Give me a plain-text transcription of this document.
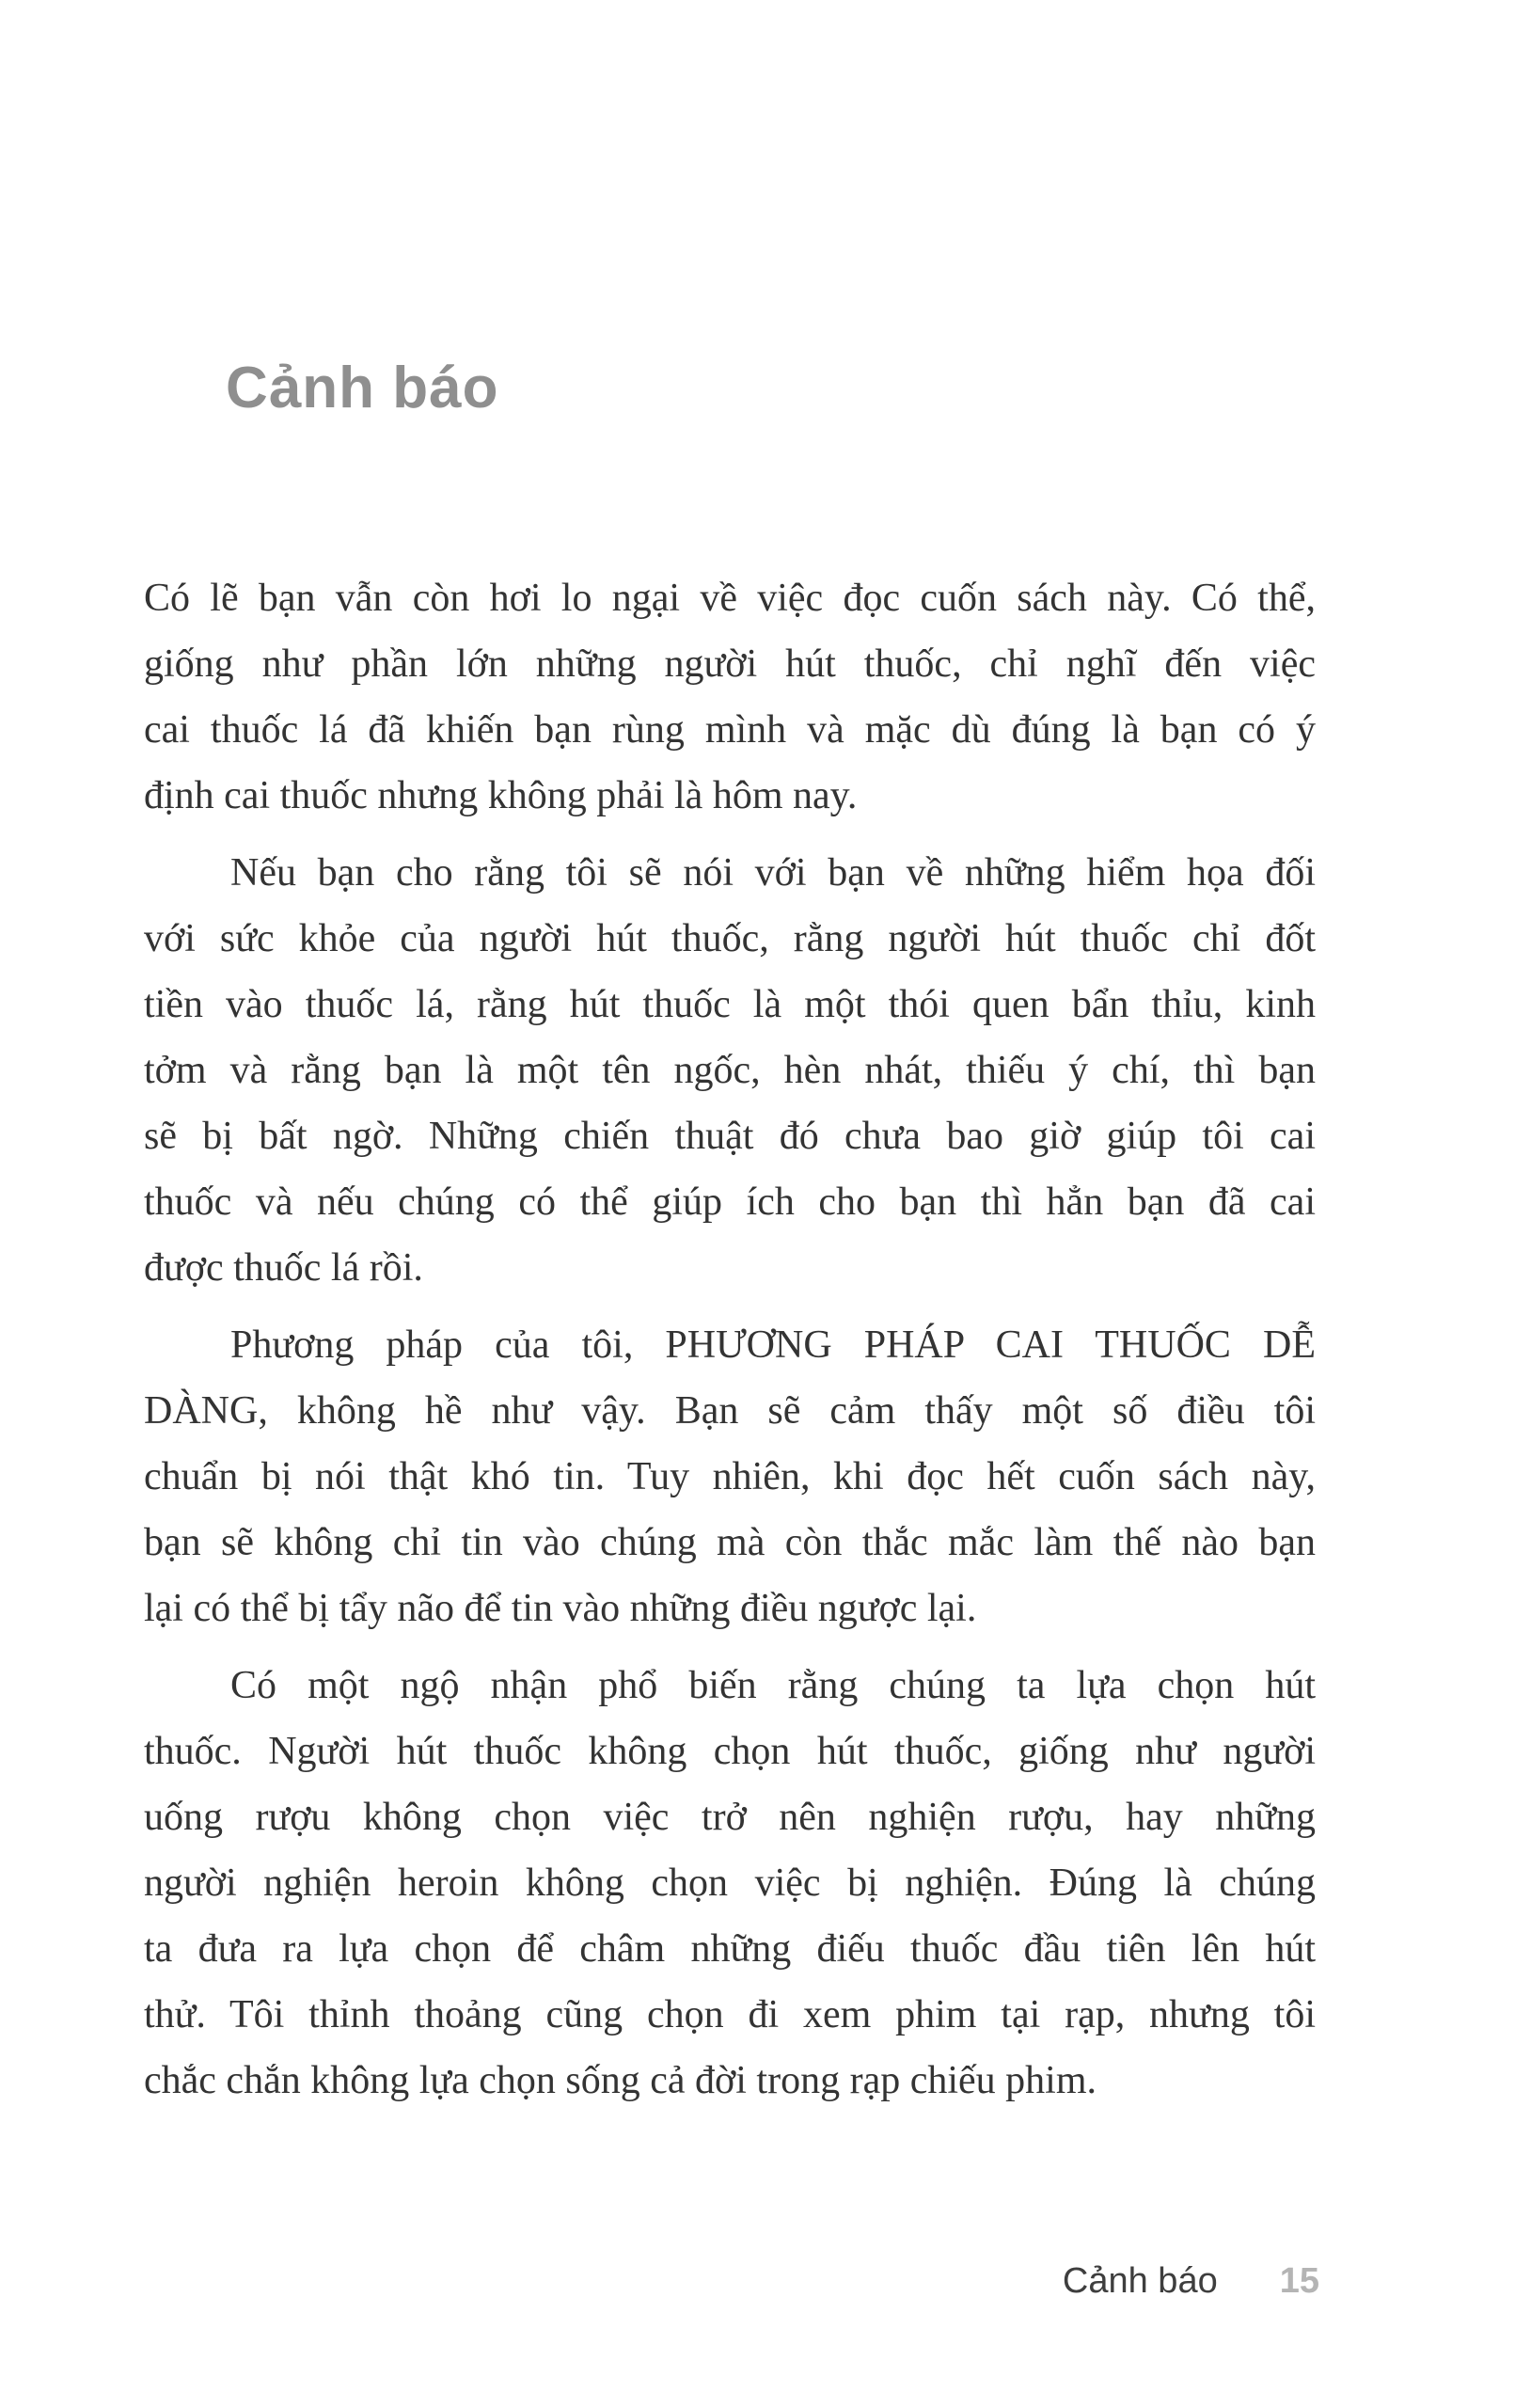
Cảnh báo

Có lẽ bạn vẫn còn hơi lo ngại về việc đọc cuốn sách này. Có thể,
giống như phần lớn những người hút thuốc, chỉ nghĩ đến việc
cai thuốc lá đã khiến bạn rùng mình và mặc dù đúng là bạn có ý
định cai thuốc nhưng không phải là hôm nay.

Nếu bạn cho rằng tôi sẽ nói với bạn về những hiểm họa đối
với sức khỏe của người hút thuốc, rằng người hút thuốc chỉ đốt
tiền vào thuốc lá, rằng hút thuốc là một thói quen bẩn thỉu, kinh
tởm và rằng bạn là một tên ngốc, hèn nhát, thiếu ý chí, thì bạn
sẽ bị bất ngờ. Những chiến thuật đó chưa bao giờ giúp tôi cai
thuốc và nếu chúng có thể giúp ích cho bạn thì hẳn bạn đã cai
được thuốc lá rồi.

Phương pháp của tôi, PHƯƠNG PHÁP CAI THUỐC DỄ
DÀNG, không hề như vậy. Bạn sẽ cảm thấy một số điều tôi
chuẩn bị nói thật khó tin. Tuy nhiên, khi đọc hết cuốn sách này,
bạn sẽ không chỉ tin vào chúng mà còn thắc mắc làm thế nào bạn
lại có thể bị tẩy não để tin vào những điều ngược lại.

Có một ngộ nhận phổ biến rằng chúng ta lựa chọn hút
thuốc. Người hút thuốc không chọn hút thuốc, giống như người
uống rượu không chọn việc trở nên nghiện rượu, hay những
người nghiện heroin không chọn việc bị nghiện. Đúng là chúng
ta đưa ra lựa chọn để châm những điếu thuốc đầu tiên lên hút
thử. Tôi thỉnh thoảng cũng chọn đi xem phim tại rạp, nhưng tôi
chắc chắn không lựa chọn sống cả đời trong rạp chiếu phim.

Cảnh báo 15
